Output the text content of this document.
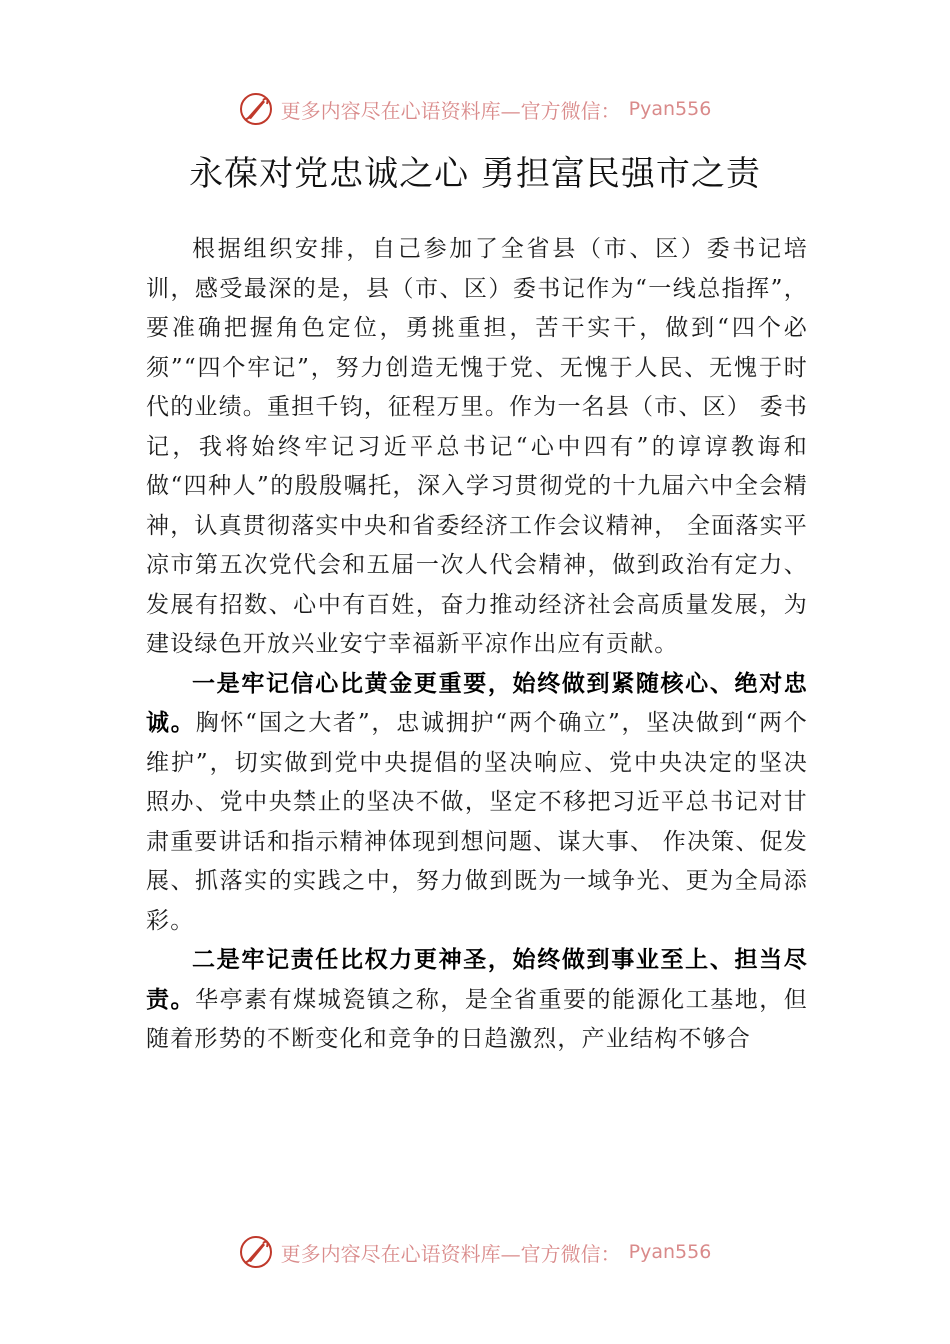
更多内容尽在心语资料库—官方微信： Pyan556
永葆对党忠诚之心 勇担富民强市之责

根据组织安排，自己参加了全省县（市、区）委书记培训，感受最深的是，县（市、区）委书记作为“一线总指挥”，要准确把握角色定位，勇挑重担，苦干实干，做到“四个必须”“四个牢记”，努力创造无愧于党、无愧于人民、无愧于时代的业绩。重担千钧，征程万里。作为一名县（市、区） 委书记，我将始终牢记习近平总书记“心中四有”的谆谆教诲和做“四种人”的殷殷嘱托，深入学习贯彻党的十九届六中全会精神，认真贯彻落实中央和省委经济工作会议精神， 全面落实平凉市第五次党代会和五届一次人代会精神，做到政治有定力、发展有招数、心中有百姓，奋力推动经济社会高质量发展，为建设绿色开放兴业安宁幸福新平凉作出应有贡献。

一是牢记信心比黄金更重要，始终做到紧随核心、绝对忠诚。胸怀“国之大者”，忠诚拥护“两个确立”，坚决做到“两个维护”，切实做到党中央提倡的坚决响应、党中央决定的坚决照办、党中央禁止的坚决不做，坚定不移把习近平总书记对甘肃重要讲话和指示精神体现到想问题、谋大事、 作决策、促发展、抓落实的实践之中，努力做到既为一域争光、更为全局添彩。

二是牢记责任比权力更神圣，始终做到事业至上、担当尽责。华亭素有煤城瓷镇之称，是全省重要的能源化工基地，但随着形势的不断变化和竞争的日趋激烈，产业结构不够合

更多内容尽在心语资料库—官方微信： Pyan556
